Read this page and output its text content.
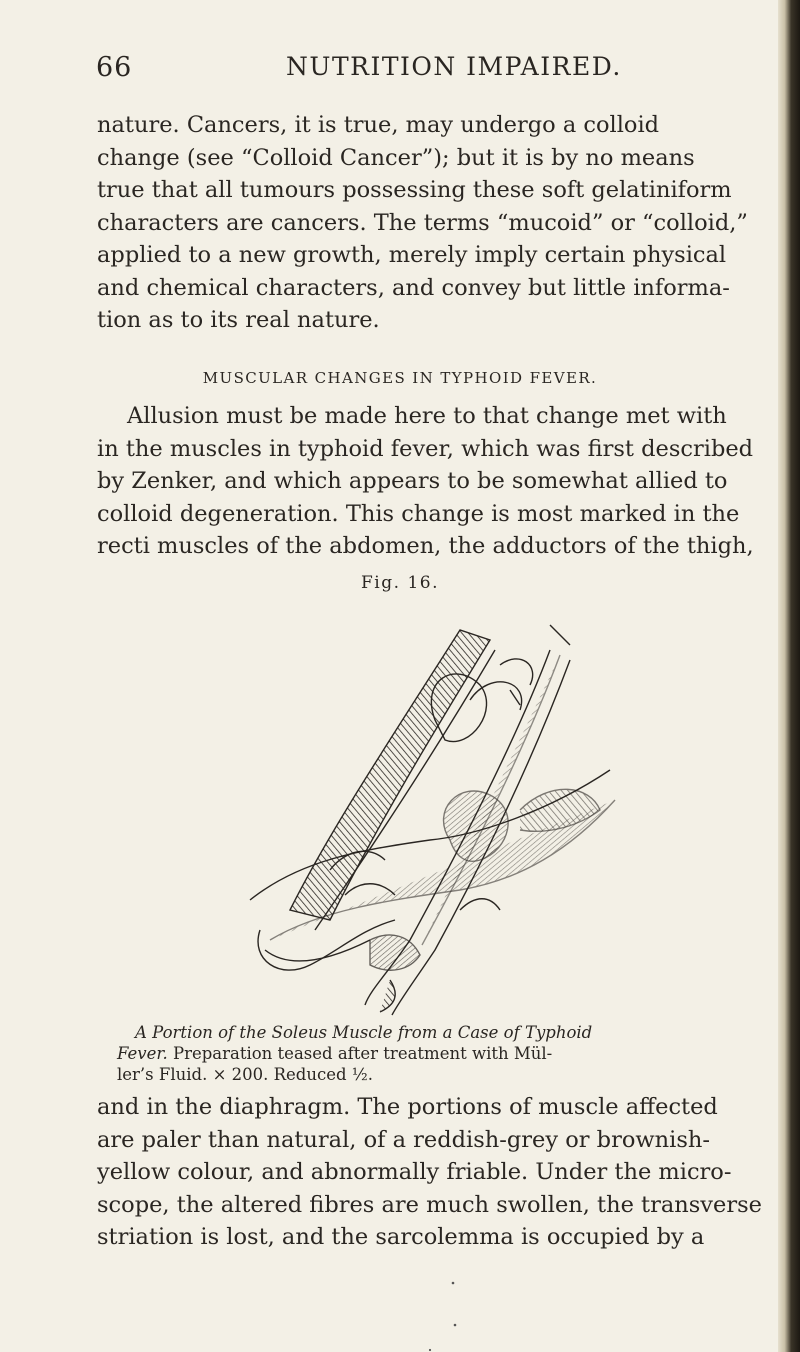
66	NUTRITION IMPAIRED.
nature. Cancers, it is true, may undergo a colloid
change (see “Colloid Cancer”); but it is by no means
true that all tumours possessing these soft gelatiniform
characters are cancers. The terms “mucoid” or “colloid,”
applied to a new growth, merely imply certain physical
and chemical characters, and convey but little informa-
tion as to its real nature.
MUSCULAR CHANGES IN TYPHOID FEVER.
Allusion must be made here to that change met with
in the muscles in typhoid fever, which was first described
by Zenker, and which appears to be somewhat allied to
colloid degeneration. This change is most marked in the
recti muscles of the abdomen, the adductors of the thigh,
Fig. 16.
A Portion of the Soleus Muscle from a Case of Typhoid
Fever. Preparation teased after treatment with Mül-
ler’s Fluid. × 200. Reduced ½.
and in the diaphragm. The portions of muscle affected
are paler than natural, of a reddish-grey or brownish-
yellow colour, and abnormally friable. Under the micro-
scope, the altered fibres are much swollen, the transverse
striation is lost, and the sarcolemma is occupied by a
